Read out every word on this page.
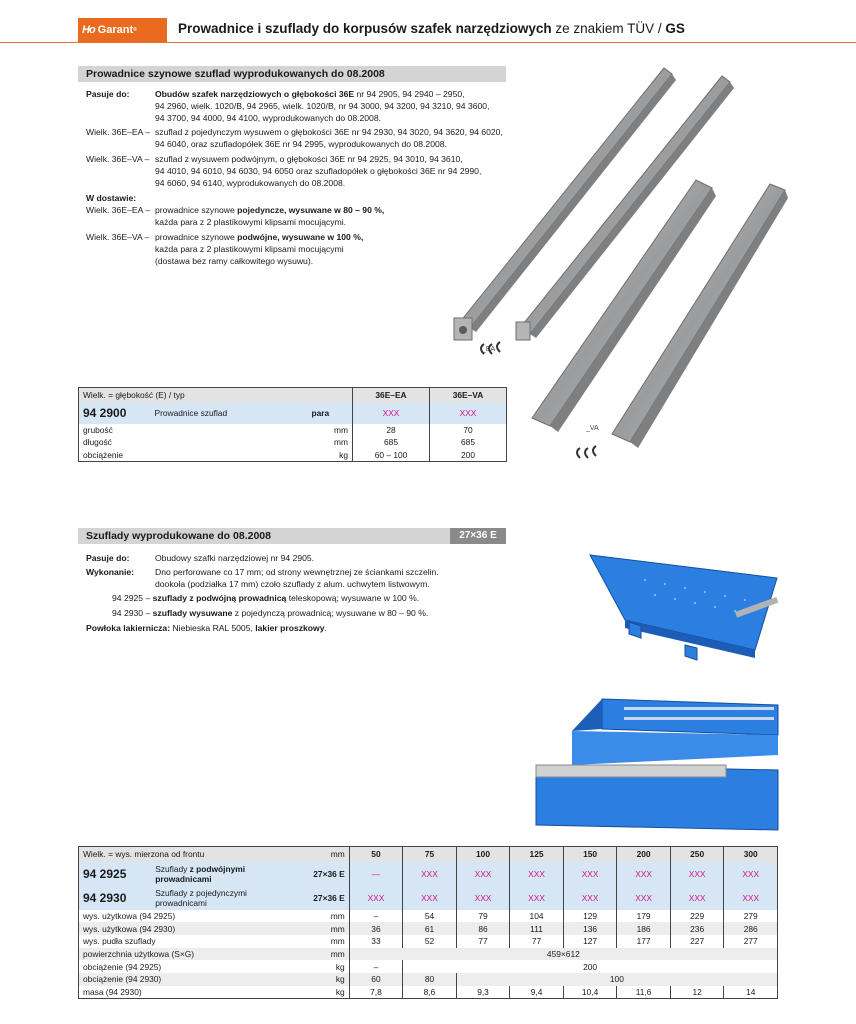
Ho Garant ®	Prowadnice i szuflady do korpusów szafek narzędziowych ze znakiem TÜV / GS
Prowadnice szynowe szuflad wyprodukowanych do 08.2008
Pasuje do:	Obudów szafek narzędziowych o głębokości 36E nr 94 2905, 94 2940 – 2950,
94 2960, wielk. 1020/B, 94 2965, wielk. 1020/B, nr 94 3000, 94 3200, 94 3210, 94 3600,
94 3700, 94 4000, 94 4100, wyprodukowanych do 08.2008.
Wielk. 36E–EA – szuflad z pojedynczym wysuwem o głębokości 36E nr 94 2930, 94 3020, 94 3620, 94 6020,
94 6040, oraz szufladopółek 36E nr 94 2995, wyprodukowanych do 08.2008.
Wielk. 36E–VA – szuflad z wysuwem podwójnym, o głębokości 36E nr 94 2925, 94 3010, 94 3610,
94 4010, 94 6010, 94 6030, 94 6050 oraz szufladopółek o głębokości 36E nr 94 2990,
94 6060, 94 6140, wyprodukowanych do 08.2008.
W dostawie:
Wielk. 36E–EA – prowadnice szynowe pojedyncze, wysuwane w 80 – 90 %,
każda para z 2 plastikowymi klipsami mocującymi.
Wielk. 36E–VA – prowadnice szynowe podwójne, wysuwane w 100 %,
każda para z 2 plastikowymi klipsami mocującymi
(dostawa bez ramy całkowitego wysuwu).
_EA
_VA
Wielk. = głębokość (E) / typ			36E–EA	36E–VA
94 2900	Prowadnice szuflad	para	XXX	XXX
grubość		mm	28	70
długość		mm	685	685
obciążenie		kg	60 – 100	200
Szuflady wyprodukowane do 08.2008	27×36 E
Pasuje do:	Obudowy szafki narzędziowej nr 94 2905.
Wykonanie: Dno perforowane co 17 mm; od strony wewnętrznej ze ściankami szczelin.
dookoła (podziałka 17 mm) czoło szuflady z alum. uchwytem listwowym.
94 2925 – szuflady z podwójną prowadnicą teleskopową; wysuwane w 100 %.
94 2930 – szuflady wysuwane z pojedynczą prowadnicą; wysuwane w 80 – 90 %.
Powłoka lakiernicza: Niebieska RAL 5005, lakier proszkowy.
Wielk. = wys. mierzona od frontu		mm	50	75	100	125	150	200	250	300
94 2925	Szuflady z podwójnymi prowadnicami	27×36 E	—	XXX	XXX	XXX	XXX	XXX	XXX	XXX
94 2930	Szuflady z pojedynczymi prowadnicami	27×36 E	XXX	XXX	XXX	XXX	XXX	XXX	XXX	XXX
wys. użytkowa (94 2925)		mm	–	54	79	104	129	179	229	279
wys. użytkowa (94 2930)		mm	36	61	86	111	136	186	236	286
wys. pudła szuflady		mm	33	52	77	77	127	177	227	277
powierzchnia użytkowa (S×G)		mm	459×612							
obciążenie (94 2925)		kg	–	200						
obciążenie (94 2930)		kg	60	80	100					
masa (94 2930)		kg	7,8	8,6	9,3	9,4	10,4	11,6	12	14
